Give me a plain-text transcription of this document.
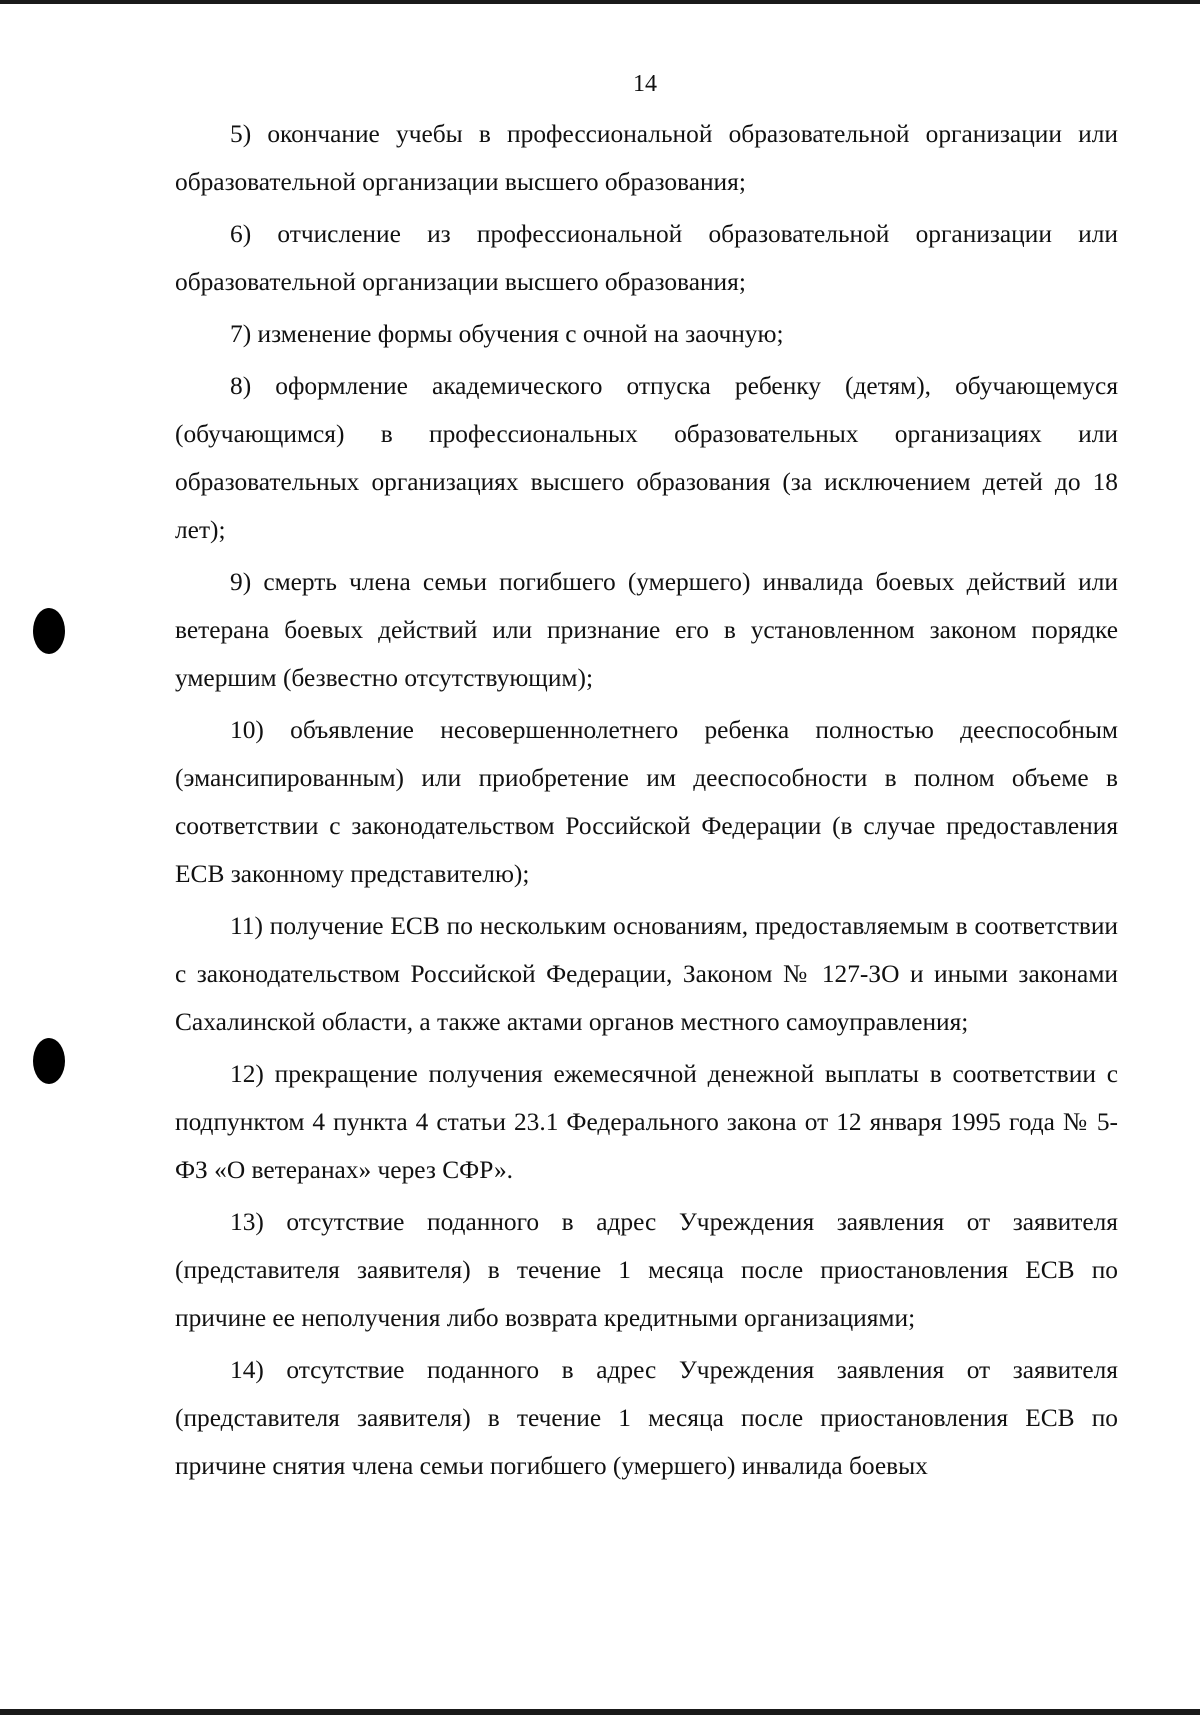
14

5) окончание учебы в профессиональной образовательной организации или образовательной организации высшего образования;

6) отчисление из профессиональной образовательной организации или образовательной организации высшего образования;

7) изменение формы обучения с очной на заочную;

8) оформление академического отпуска ребенку (детям), обучающемуся (обучающимся) в профессиональных образовательных организациях или образовательных организациях высшего образования (за исключением детей до 18 лет);

9) смерть члена семьи погибшего (умершего) инвалида боевых действий или ветерана боевых действий или признание его в установленном законом порядке умершим (безвестно отсутствующим);

10) объявление несовершеннолетнего ребенка полностью дееспособным (эмансипированным) или приобретение им дееспособности в полном объеме в соответствии с законодательством Российской Федерации (в случае предоставления ЕСВ законному представителю);

11) получение ЕСВ по нескольким основаниям, предоставляемым в соответствии с законодательством Российской Федерации, Законом № 127-ЗО и иными законами Сахалинской области, а также актами органов местного самоуправления;

12) прекращение получения ежемесячной денежной выплаты в соответствии с подпунктом 4 пункта 4 статьи 23.1 Федерального закона от 12 января 1995 года № 5-ФЗ «О ветеранах» через СФР».

13) отсутствие поданного в адрес Учреждения заявления от заявителя (представителя заявителя) в течение 1 месяца после приостановления ЕСВ по причине ее неполучения либо возврата кредитными организациями;

14) отсутствие поданного в адрес Учреждения заявления от заявителя (представителя заявителя) в течение 1 месяца после приостановления ЕСВ по причине снятия члена семьи погибшего (умершего) инвалида боевых
